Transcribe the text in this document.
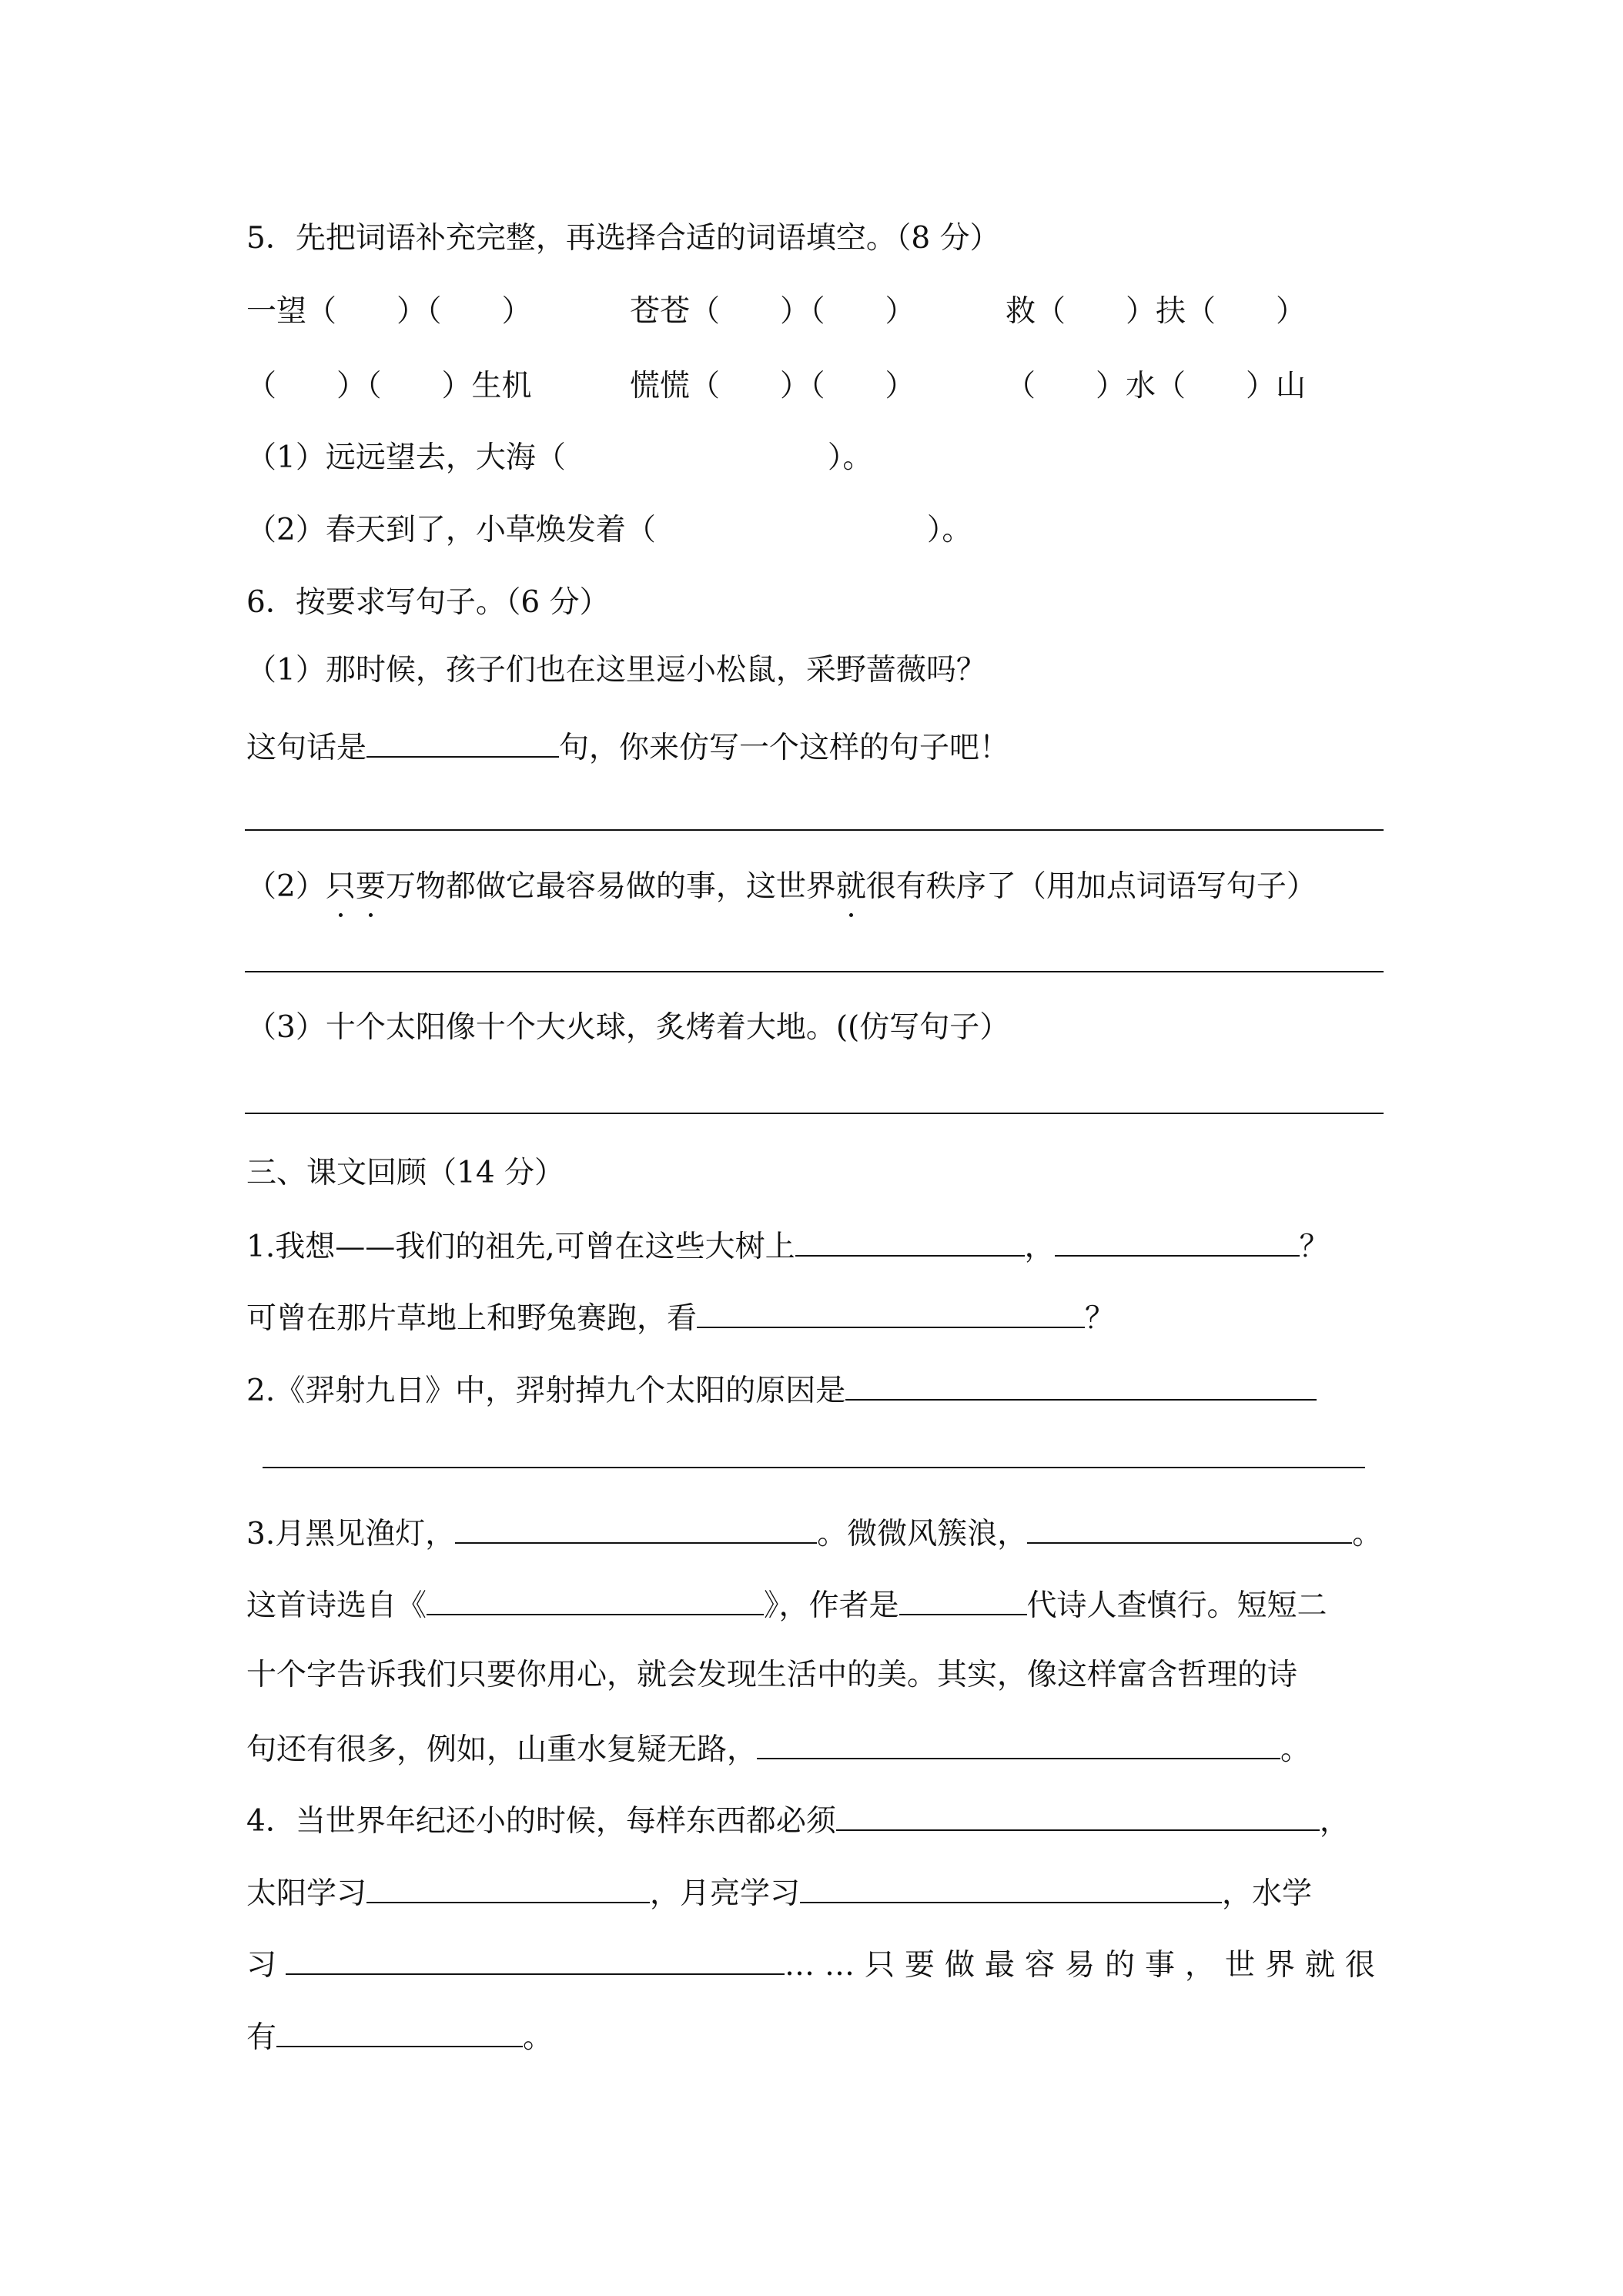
5．先把词语补充完整，再选择合适的词语填空。（8 分）
一望（　　）（　　）	苍苍（　　）（　　）	救（　　）扶（　　）
（　　）（　　）生机	慌慌（　　）（　　）	（　　）水（　　）山
（1）远远望去，大海（	）。
（2）春天到了，小草焕发着（	）。
6．按要求写句子。（6 分）
（1）那时候，孩子们也在这里逗小松鼠，采野蔷薇吗？
这句话是	句，你来仿写一个这样的句子吧！
（2）只要万物都做它最容易做的事，这世界就很有秩序了（用加点词语写句子）
（3）十个太阳像十个大火球，炙烤着大地。((仿写句子）
三、课文回顾（14 分）
1.我想——我们的祖先,可曾在这些大树上	，	？
可曾在那片草地上和野兔赛跑，看	？
2.《羿射九日》中，羿射掉九个太阳的原因是
3.月黑见渔灯，	。微微风簇浪，	。
这首诗选自《	》，作者是	代诗人查慎行。短短二
十个字告诉我们只要你用心，就会发现生活中的美。其实，像这样富含哲理的诗
句还有很多，例如，山重水复疑无路，	。
4．当世界年纪还小的时候，每样东西都必须	，
太阳学习	，月亮学习	，水学
习	……只要做最容易的事，世界就很
有	。
